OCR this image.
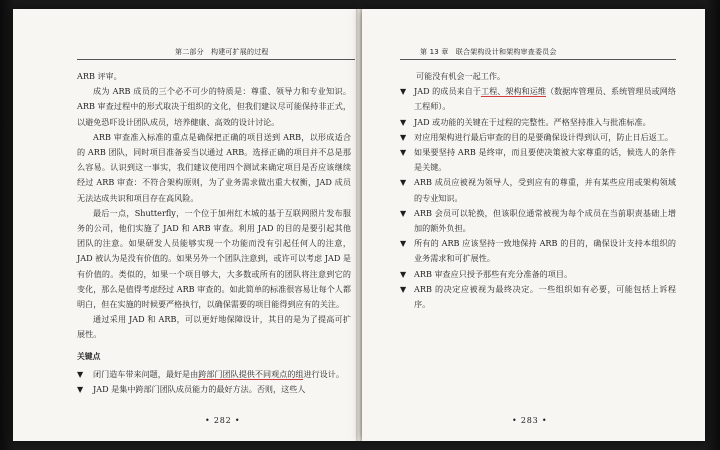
第二部分　构建可扩展的过程

ARB 评审。

成为 ARB 成员的三个必不可少的特质是：尊重、领导力和专业知识。ARB 审查过程中的形式取决于组织的文化，但我们建议尽可能保持非正式，以避免恐吓设计团队成员，培养健康、高效的设计讨论。

ARB 审查准入标准的重点是确保把正确的项目送到 ARB，以形成适合的 ARB 团队，同时项目准备妥当以通过 ARB。选择正确的项目并不总是那么容易。认识到这一事实，我们建议使用四个测试来确定项目是否应该继续经过 ARB 审查：不符合架构原则，为了业务需求做出重大权衡，JAD 成员无法达成共识和项目存在高风险。

最后一点，Shutterfly，一个位于加州红木城的基于互联网照片发布服务的公司，他们实施了 JAD 和 ARB 审查。利用 JAD 的目的是要引起其他团队的注意。如果研发人员能够实现一个功能而没有引起任何人的注意，JAD 被认为是没有价值的。如果另外一个团队注意到，或许可以考虑 JAD 是有价值的。类似的，如果一个项目够大，大多数或所有的团队将注意到它的变化，那么是值得考虑经过 ARB 审查的。如此简单的标准很容易让每个人都明白，但在实施的时候要严格执行，以确保需要的项目能得到应有的关注。

通过采用 JAD 和 ARB，可以更好地保障设计，其目的是为了提高可扩展性。

关键点
▼ 闭门造车带来问题，最好是由跨部门团队提供不同观点的组进行设计。
▼ JAD 是集中跨部门团队成员能力的最好方法。否则，这些人
• 282 •
第 13 章　联合架构设计和架构审查委员会

可能没有机会一起工作。

▼ JAD 的成员来自于工程、架构和运维（数据库管理员、系统管理员或网络工程师）。
▼ JAD 或功能的关键在于过程的完整性。严格坚持准入与批准标准。
▼ 对应用架构进行最后审查的目的是要确保设计得到认可，防止日后返工。
▼ 如果要坚持 ARB 是终审，而且要使决策被大家尊重的话，候选人的条件是关键。
▼ ARB 成员应被视为领导人，受到应有的尊重，并有某些应用或架构领域的专业知识。
▼ ARB 会员可以轮换，但该职位通常被视为每个成员在当前职责基础上增加的额外负担。
▼ 所有的 ARB 应该坚持一致地保持 ARB 的目的，确保设计支持本组织的业务需求和可扩展性。
▼ ARB 审查应只授予那些有充分准备的项目。
▼ ARB 的决定应被视为最终决定。一些组织如有必要，可能包括上诉程序。
• 283 •
